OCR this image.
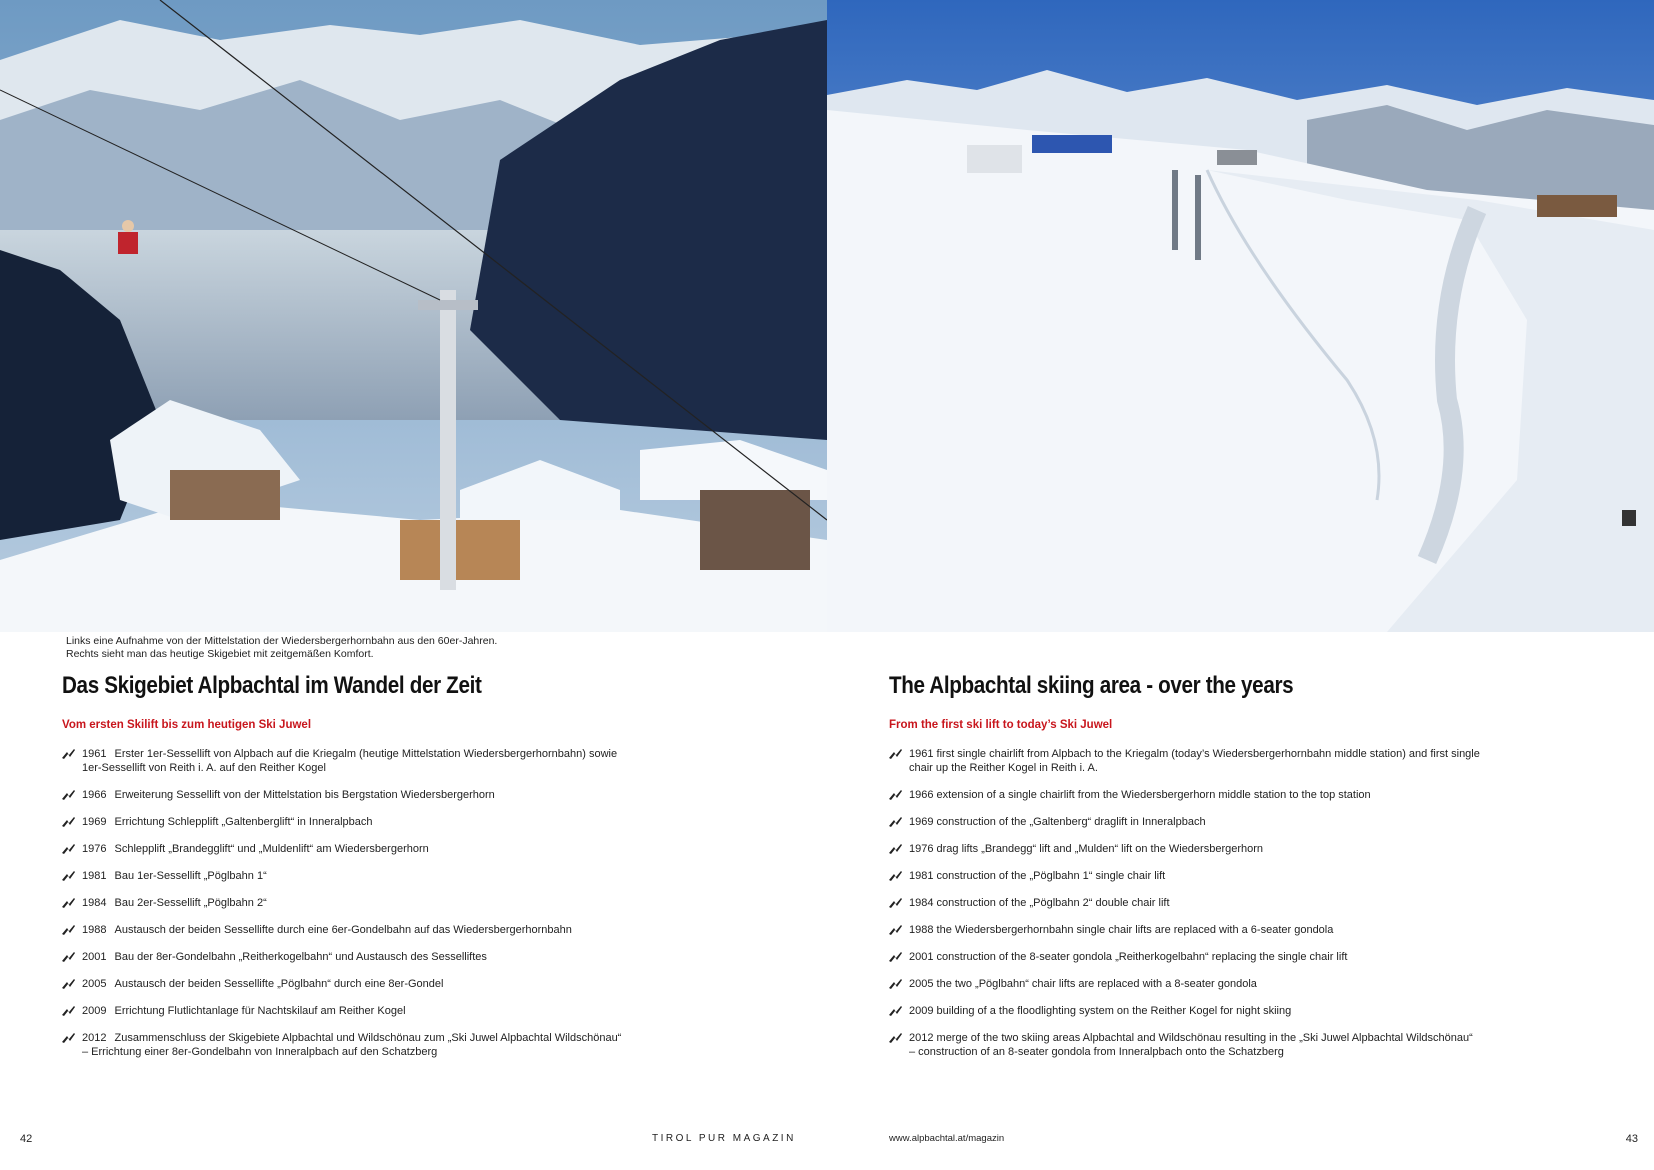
Links eine Aufnahme von der Mittelstation der Wiedersbergerhornbahn aus den 60er-Jahren.
Rechts sieht man das heutige Skigebiet mit zeitgemäßen Komfort.
Das Skigebiet Alpbachtal im Wandel der Zeit
Vom ersten Skilift bis zum heutigen Ski Juwel
1961 Erster 1er-Sessellift von Alpbach auf die Kriegalm (heutige Mittelstation Wiedersbergerhornbahn) sowie
1er-Sessellift von Reith i. A. auf den Reither Kogel
1966 Erweiterung Sessellift von der Mittelstation bis Bergstation Wiedersbergerhorn
1969 Errichtung Schlepplift „Galtenberglift“ in Inneralpbach
1976 Schlepplift „Brandegglift“ und „Muldenlift“ am Wiedersbergerhorn
1981 Bau 1er-Sessellift „Pöglbahn 1“
1984 Bau 2er-Sessellift „Pöglbahn 2“
1988 Austausch der beiden Sessellifte durch eine 6er-Gondelbahn auf das Wiedersbergerhornbahn
2001 Bau der 8er-Gondelbahn „Reitherkogelbahn“ und Austausch des Sesselliftes
2005 Austausch der beiden Sessellifte „Pöglbahn“ durch eine 8er-Gondel
2009 Errichtung Flutlichtanlage für Nachtskilauf am Reither Kogel
2012 Zusammenschluss der Skigebiete Alpbachtal und Wildschönau zum „Ski Juwel Alpbachtal Wildschönau“
– Errichtung einer 8er-Gondelbahn von Inneralpbach auf den Schatzberg
The Alpbachtal skiing area - over the years
From the first ski lift to today’s Ski Juwel
1961 first single chairlift from Alpbach to the Kriegalm (today’s Wiedersbergerhornbahn middle station) and first single
chair up the Reither Kogel in Reith i. A.
1966 extension of a single chairlift from the Wiedersbergerhorn middle station to the top station
1969 construction of the „Galtenberg“ draglift in Inneralpbach
1976 drag lifts „Brandegg“ lift and „Mulden“ lift on the Wiedersbergerhorn
1981 construction of the „Pöglbahn 1“ single chair lift
1984 construction of the „Pöglbahn 2“ double chair lift
1988 the Wiedersbergerhornbahn single chair lifts are replaced with a 6-seater gondola
2001 construction of the 8-seater gondola „Reitherkogelbahn“ replacing the single chair lift
2005 the two „Pöglbahn“ chair lifts are replaced with a 8-seater gondola
2009 building of a the floodlighting system on the Reither Kogel for night skiing
2012 merge of the two skiing areas Alpbachtal and Wildschönau resulting in the „Ski Juwel Alpbachtal Wildschönau“
– construction of an 8-seater gondola from Inneralpbach onto the Schatzberg
42	TIROL PUR MAGAZIN	www.alpbachtal.at/magazin	43
